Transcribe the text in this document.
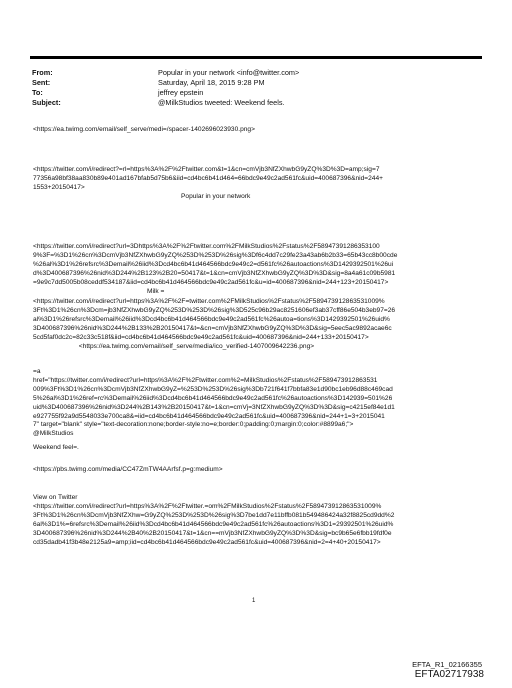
From:	Popular in your network <info@twitter.com>
Sent:	Saturday, April 18, 2015 9:28 PM
To:	jeffrey epstein
Subject:	@MilkStudios tweeted: Weekend feels.
<https://ea.twimg.com/email/self_serve/medi=/spacer-1402696023930.png>
<https://twitter.com/i/redirect?=rl=https%3A%2F%2Ftwitter.com&t=1&cn=cmVjb3NfZXhwbG9yZQ%3D%3D=amp;sig=7
77356a98bf38aa830b89e401ad167bfab5d75b6&iid=cd4bc6b41d464=66bdc9e49c2ad561fc&uid=400687396&nid=244+
1553+20150417>
Popular in your network
<https://twitter.com/i/redirect?url=3Dhttps%3A%2F%2Ftwitter.com%2FMilkStudios%2Fstatus%2F58947391286353100
9%3F=%3D1%26cn%3DcmVjb3NfZXhwbG9yZQ%253D%253D%26sig%3Df6c4dd7c29fe23a43ab6b2b33=65b43cc8b00cde
%26al%3D1%26refsrc%3Demail%26iid%3Dcd4bc6b41d464566bdc9e49c2=d561fc%26autoactions%3D1429392501%26ui
d%3D400687396%26nid%3D244%2B123%2B20=50417&t=1&cn=cmVjb3NfZXhwbG9yZQ%3D%3D&sig=8a4a61c09b5981
=9e9c7dd5005b08ceddf534187&iid=cd4bc6b41d464566bdc9e49c2ad561fc&u=id=400687396&nid=244+123+20150417>
Milk =
<https://twitter.com/i/redirect?url=https%3A%2F%2F=twitter.com%2FMilkStudios%2Fstatus%2F589473912863531009%
3Ft%3D1%26cn%3Dcm=jb3NfZXhwbG9yZQ%253D%253D%26sig%3D525c96b29ac8251606ef3ab37cff86e504b3eb97=26
al%3D1%26refsrc%3Demail%26iid%3Dcd4bc6b41d464566bdc9e49c2ad561fc%26autoa=tions%3D1429392501%26uid%
3D400687396%26nid%3D244%2B133%2B20150417&t=&cn=cmVjb3NfZXhwbG9yZQ%3D%3D&sig=5eec5ac9892acae6c
5cd5faf0dc2c=82c33c518f&iid=cd4bc6b41d464566bdc9e49c2ad561fc&uid=400687396&nid=244+133+20150417>
<https://ea.twimg.com/email/self_serve/media/ico_verified-1407009642236.png>
=a
href="https://twitter.com/i/redirect?url=https%3A%2F%2Ftwitter.com%2=MilkStudios%2Fstatus%2F589473912863531
009%3Ft%3D1%26cn%3DcmVjb3NfZXhwbG9yZ=%253D%253D%26sig%3Db721f641f7bbfa83e1d90bc1eb96d88c469cad
5%26al%3D1%26ref=rc%3Demail%26iid%3Dcd4bc6b41d464566bdc9e49c2ad561fc%26autoactions%3D142939=501%26
uid%3D400687396%26nid%3D244%2B143%2B20150417&t=1&cn=cmVj=3NfZXhwbG9yZQ%3D%3D&sig=c4215ef84e1d1
e927755f92a9d5548033e700ca8&=iid=cd4bc6b41d464566bdc9e49c2ad561fc&uid=400687396&nid=244+1=3+2015041
7" target="blank" style="text-decoration:none;border-style:no=e;border:0;padding:0;margin:0;color:#8899a6;">
@MilkStudios
Weekend feel=.
<https://pbs.twimg.com/media/CC47ZmTW4AArfsf.p=g:medium>
View on Twitter
<https://twitter.com/i/redirect?url=https%3A%2F%2Ftwitter.=om%2FMilkStudios%2Fstatus%2F589473912863531009%
3Ft%3D1%26cn%3DcmVjb3NfZXhw=G9yZQ%253D%253D%26sig%3D7be1dd7e11bffb081b549486424a32f8825cd9dd%2
6al%3D1%=6refsrc%3Demail%26iid%3Dcd4bc6b41d464566bdc9e49c2ad561fc%26autoactions%3D1=29392501%26uid%
3D400687396%26nid%3D244%2B40%2B20150417&t=1&cn==mVjb3NfZXhwbG9yZQ%3D%3D&sig=bc9b65e6fbb19fdf0e
cd35dadb41f3b48e2125a9=amp;iid=cd4bc6b41d464566bdc9e49c2ad561fc&uid=400687396&nid=2=4+40+20150417>
1
EFTA_R1_02166355
EFTA02717938
